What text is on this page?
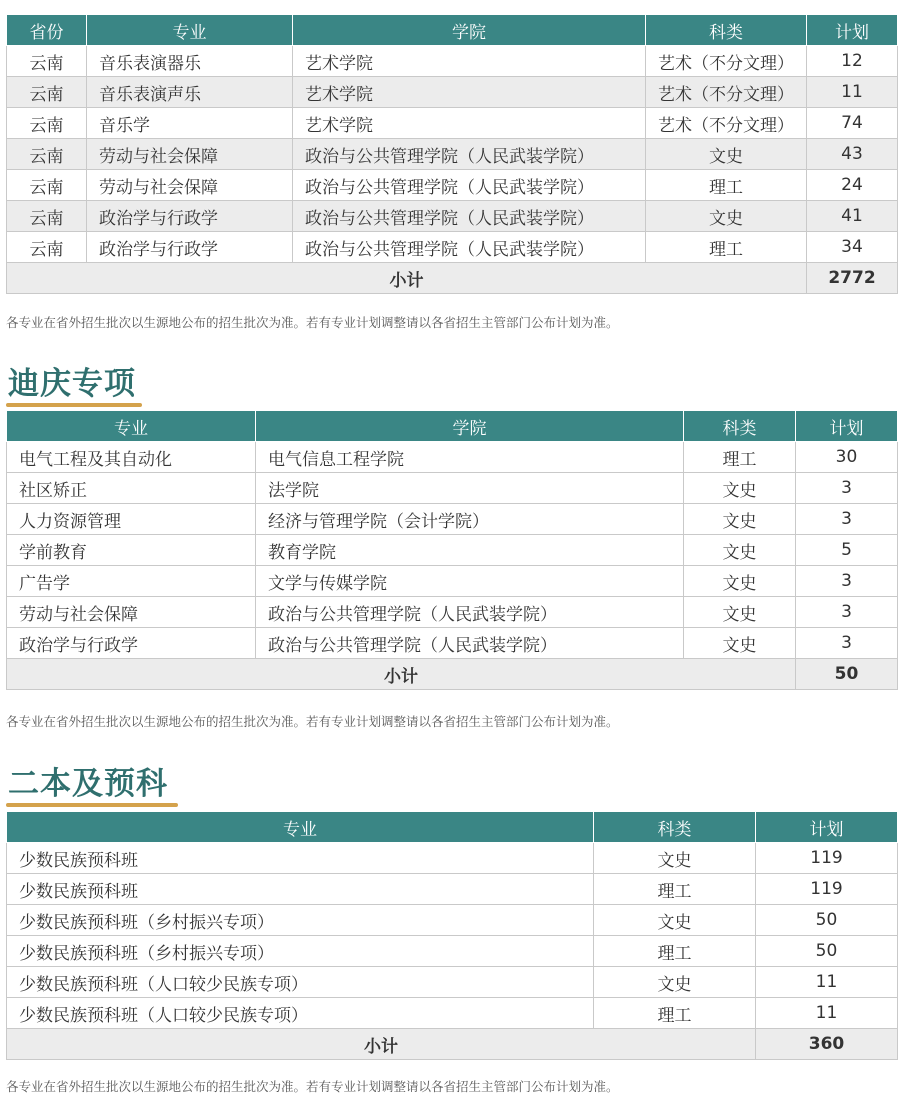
省份	专业	学院	科类	计划
云南	音乐表演器乐	艺术学院	艺术（不分文理）	12
云南	音乐表演声乐	艺术学院	艺术（不分文理）	11
云南	音乐学	艺术学院	艺术（不分文理）	74
云南	劳动与社会保障	政治与公共管理学院（人民武装学院）	文史	43
云南	劳动与社会保障	政治与公共管理学院（人民武装学院）	理工	24
云南	政治学与行政学	政治与公共管理学院（人民武装学院）	文史	41
云南	政治学与行政学	政治与公共管理学院（人民武装学院）	理工	34
小计				2772
各专业在省外招生批次以生源地公布的招生批次为准。若有专业计划调整请以各省招生主管部门公布计划为准。
迪庆专项
专业	学院	科类	计划
电气工程及其自动化	电气信息工程学院	理工	30
社区矫正	法学院	文史	3
人力资源管理	经济与管理学院（会计学院）	文史	3
学前教育	教育学院	文史	5
广告学	文学与传媒学院	文史	3
劳动与社会保障	政治与公共管理学院（人民武装学院）	文史	3
政治学与行政学	政治与公共管理学院（人民武装学院）	文史	3
小计			50
各专业在省外招生批次以生源地公布的招生批次为准。若有专业计划调整请以各省招生主管部门公布计划为准。
二本及预科
专业	科类	计划
少数民族预科班	文史	119
少数民族预科班	理工	119
少数民族预科班（乡村振兴专项）	文史	50
少数民族预科班（乡村振兴专项）	理工	50
少数民族预科班（人口较少民族专项）	文史	11
少数民族预科班（人口较少民族专项）	理工	11
小计		360
各专业在省外招生批次以生源地公布的招生批次为准。若有专业计划调整请以各省招生主管部门公布计划为准。
